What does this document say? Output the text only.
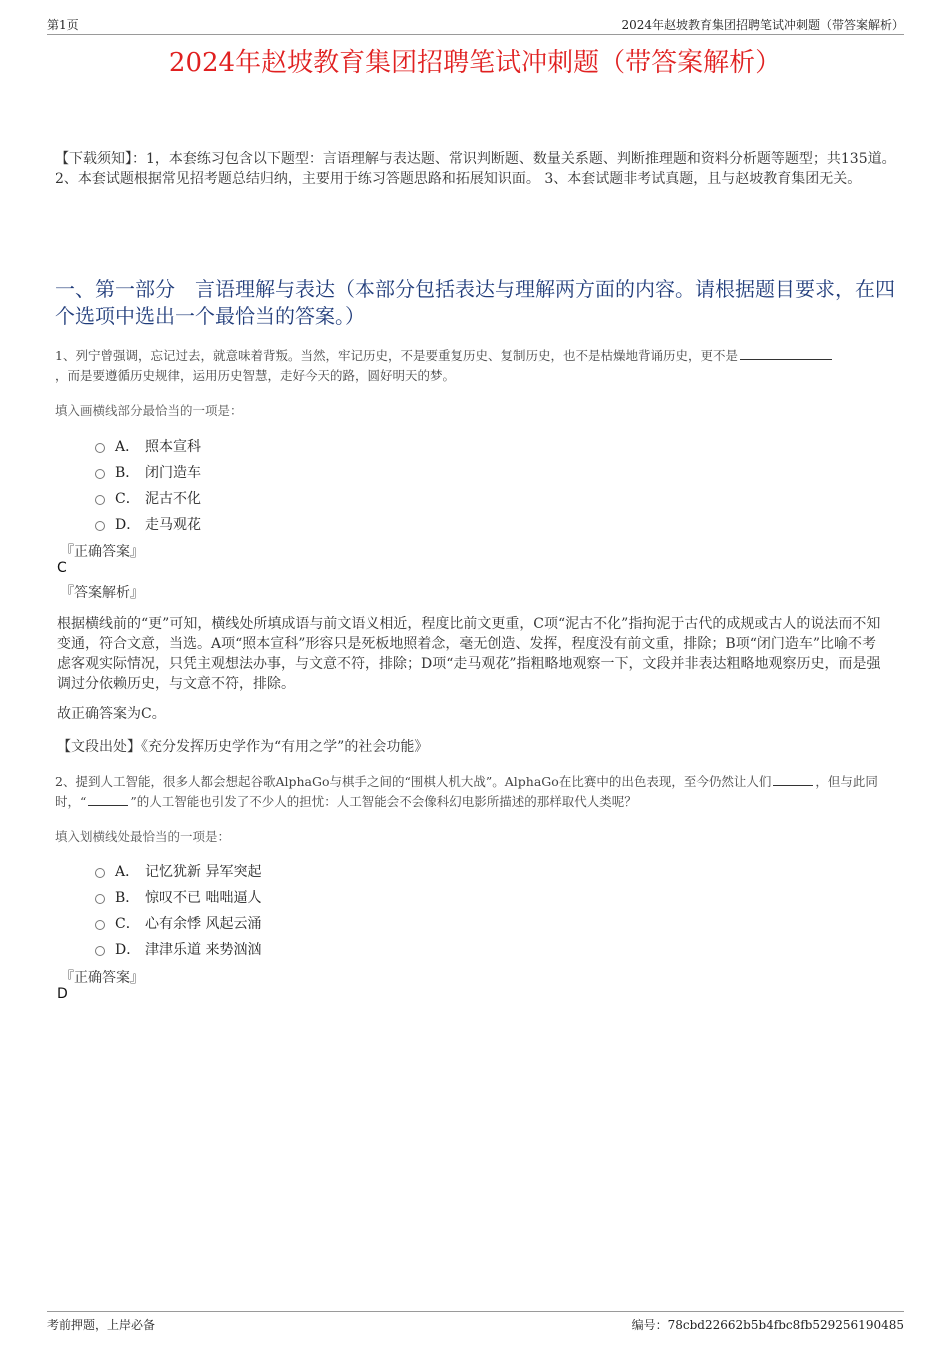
第1页	2024年赵坡教育集团招聘笔试冲刺题（带答案解析）
2024年赵坡教育集团招聘笔试冲刺题（带答案解析）
【下载须知】：1，本套练习包含以下题型：言语理解与表达题、常识判断题、数量关系题、判断推理题和资料分析题等题型；共135道。 2、本套试题根据常见招考题总结归纳，主要用于练习答题思路和拓展知识面。 3、本套试题非考试真题，且与赵坡教育集团无关。
一、第一部分　言语理解与表达（本部分包括表达与理解两方面的内容。请根据题目要求，在四个选项中选出一个最恰当的答案。）
1、列宁曾强调，忘记过去，就意味着背叛。当然，牢记历史，不是要重复历史、复制历史，也不是枯燥地背诵历史，更不是
，而是要遵循历史规律，运用历史智慧，走好今天的路，圆好明天的梦。
填入画横线部分最恰当的一项是：
A． 照本宣科
B． 闭门造车
C． 泥古不化
D． 走马观花
『正确答案』
C
『答案解析』
根据横线前的“更”可知，横线处所填成语与前文语义相近，程度比前文更重，C项“泥古不化”指拘泥于古代的成规或古人的说法而不知变通，符合文意，当选。A项“照本宣科”形容只是死板地照着念，毫无创造、发挥，程度没有前文重，排除；B项“闭门造车”比喻不考虑客观实际情况，只凭主观想法办事，与文意不符，排除；D项“走马观花”指粗略地观察一下，文段并非表达粗略地观察历史，而是强调过分依赖历史，与文意不符，排除。
故正确答案为C。
【文段出处】《充分发挥历史学作为“有用之学”的社会功能》
2、提到人工智能，很多人都会想起谷歌AlphaGo与棋手之间的“围棋人机大战”。AlphaGo在比赛中的出色表现，至今仍然让人们	，但与此同时，“	”的人工智能也引发了不少人的担忧：人工智能会不会像科幻电影所描述的那样取代人类呢？
填入划横线处最恰当的一项是：
A． 记忆犹新 异军突起
B． 惊叹不已 咄咄逼人
C． 心有余悸 风起云涌
D． 津津乐道 来势汹汹
『正确答案』
D
考前押题，上岸必备	编号：78cbd22662b5b4fbc8fb529256190485
